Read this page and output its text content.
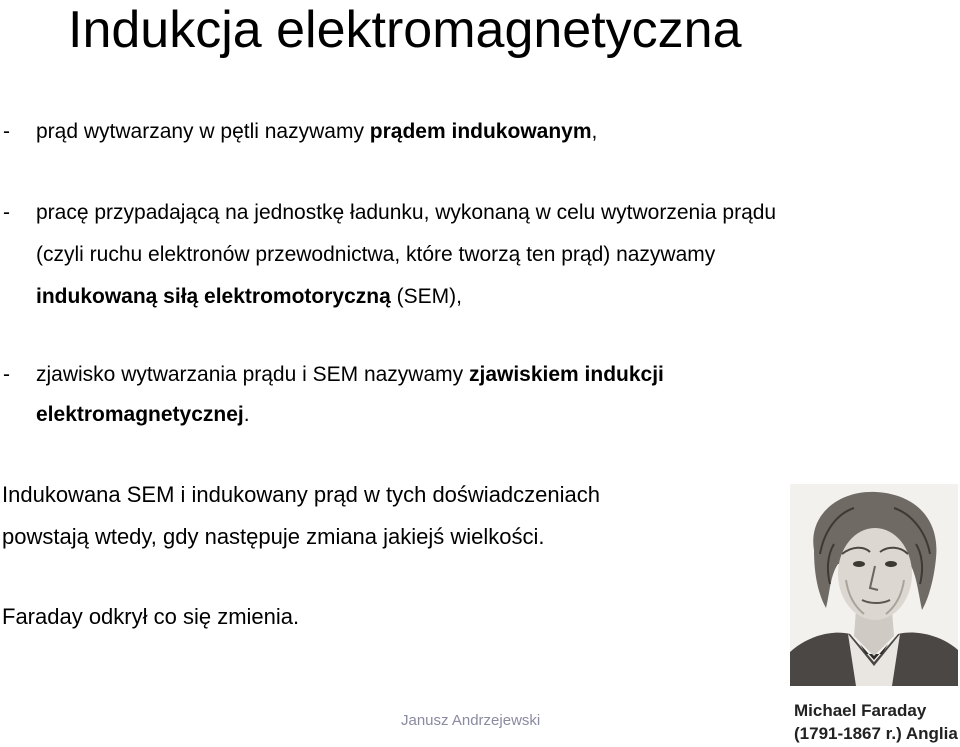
Indukcja elektromagnetyczna
- prąd wytwarzany w pętli nazywamy prądem indukowanym,
- pracę przypadającą na jednostkę ładunku, wykonaną w celu wytworzenia prądu
(czyli ruchu elektronów przewodnictwa, które tworzą ten prąd) nazywamy
indukowaną siłą elektromotoryczną (SEM),
- zjawisko wytwarzania prądu i SEM nazywamy zjawiskiem indukcji
elektromagnetycznej.
Indukowana SEM i indukowany prąd w tych doświadczeniach
powstają wtedy, gdy następuje zmiana jakiejś wielkości.
Faraday odkrył co się zmienia.
Michael Faraday
(1791-1867 r.) Anglia
Janusz Andrzejewski
